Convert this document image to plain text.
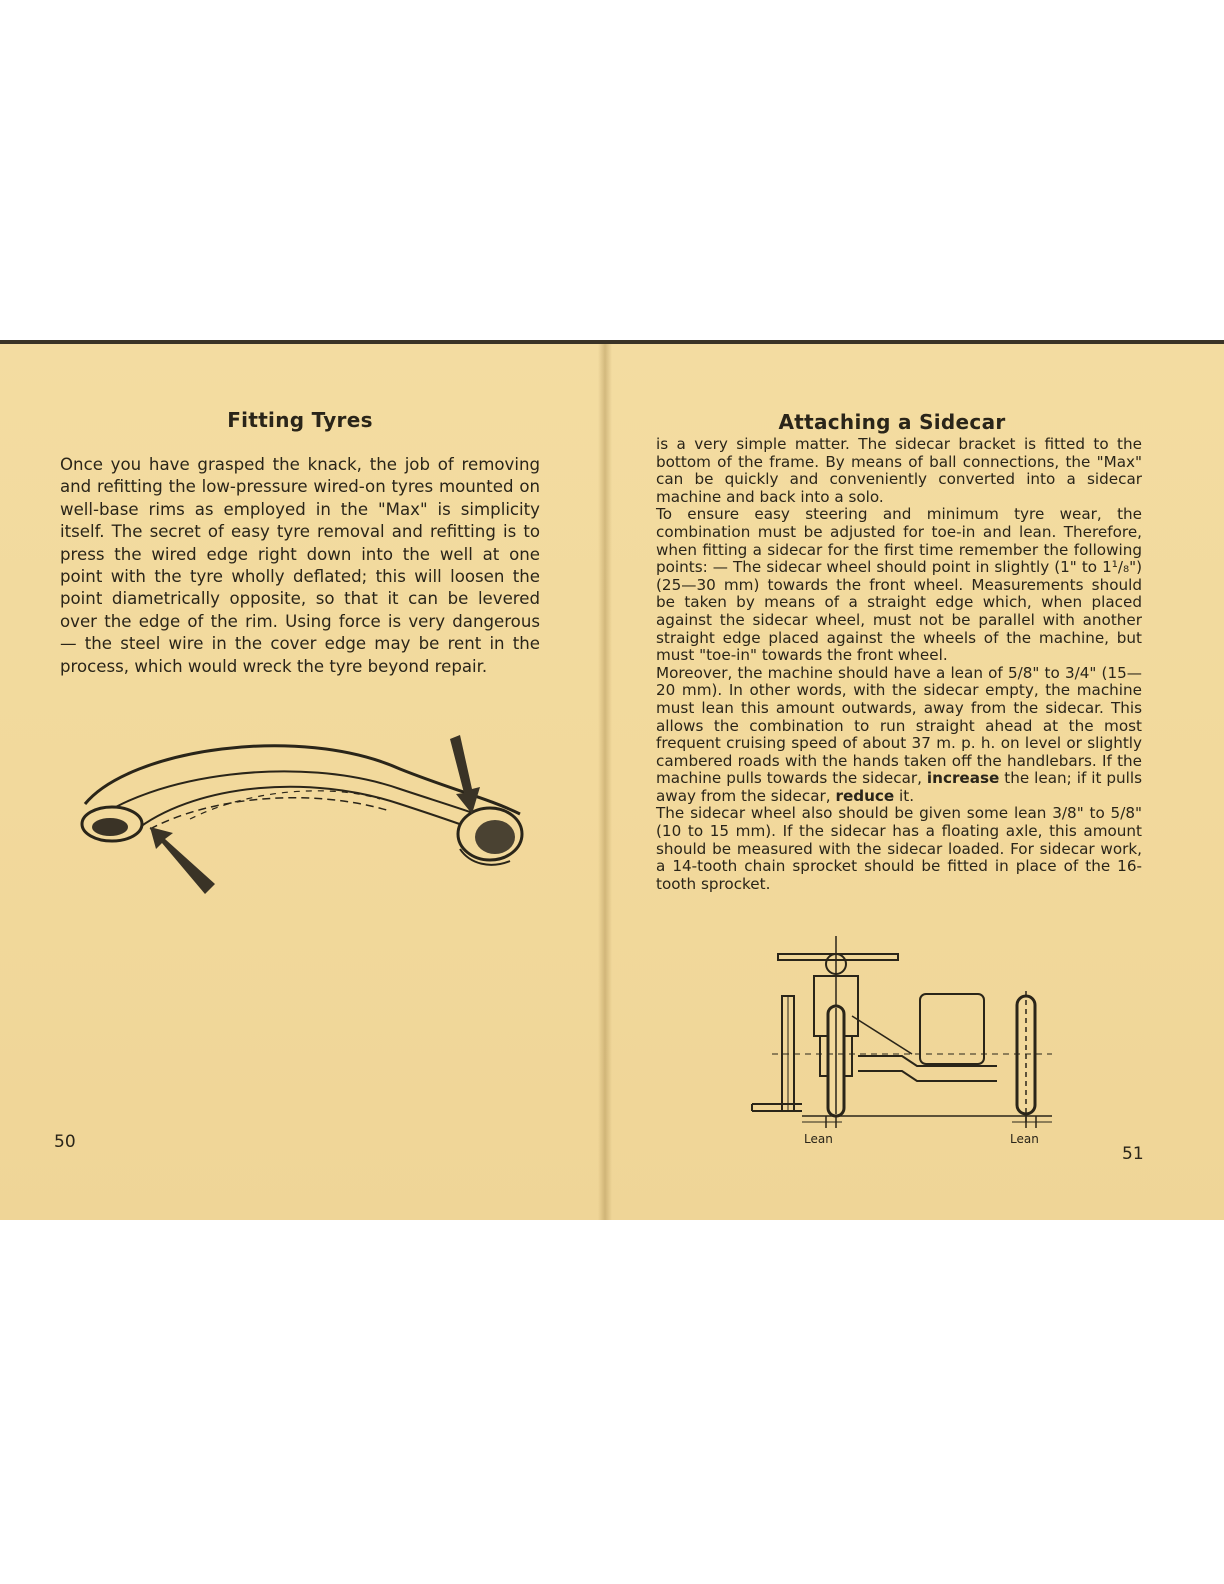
Fitting Tyres

Once you have grasped the knack, the job of removing and refitting the low-pressure wired-on tyres mounted on well-base rims as employed in the "Max" is simplicity itself. The secret of easy tyre removal and refitting is to press the wired edge right down into the well at one point with the tyre wholly deflated; this will loosen the point diametrically opposite, so that it can be levered over the edge of the rim. Using force is very dangerous — the steel wire in the cover edge may be rent in the process, which would wreck the tyre beyond repair.

50
Attaching a Sidecar

is a very simple matter. The sidecar bracket is fitted to the bottom of the frame. By means of ball connections, the "Max" can be quickly and conveniently converted into a sidecar machine and back into a solo.

To ensure easy steering and minimum tyre wear, the combination must be adjusted for toe-in and lean. Therefore, when fitting a sidecar for the first time remember the following points: — The sidecar wheel should point in slightly (1" to 1¹/₈") (25—30 mm) towards the front wheel. Measurements should be taken by means of a straight edge which, when placed against the sidecar wheel, must not be parallel with another straight edge placed against the wheels of the machine, but must "toe-in" towards the front wheel.

Moreover, the machine should have a lean of 5/8" to 3/4" (15—20 mm). In other words, with the sidecar empty, the machine must lean this amount outwards, away from the sidecar. This allows the combination to run straight ahead at the most frequent cruising speed of about 37 m. p. h. on level or slightly cambered roads with the hands taken off the handlebars. If the machine pulls towards the sidecar, increase the lean; if it pulls away from the sidecar, reduce it.

The sidecar wheel also should be given some lean 3/8" to 5/8" (10 to 15 mm). If the sidecar has a floating axle, this amount should be measured with the sidecar loaded. For sidecar work, a 14-tooth chain sprocket should be fitted in place of the 16-tooth sprocket.

Lean	Lean
51
